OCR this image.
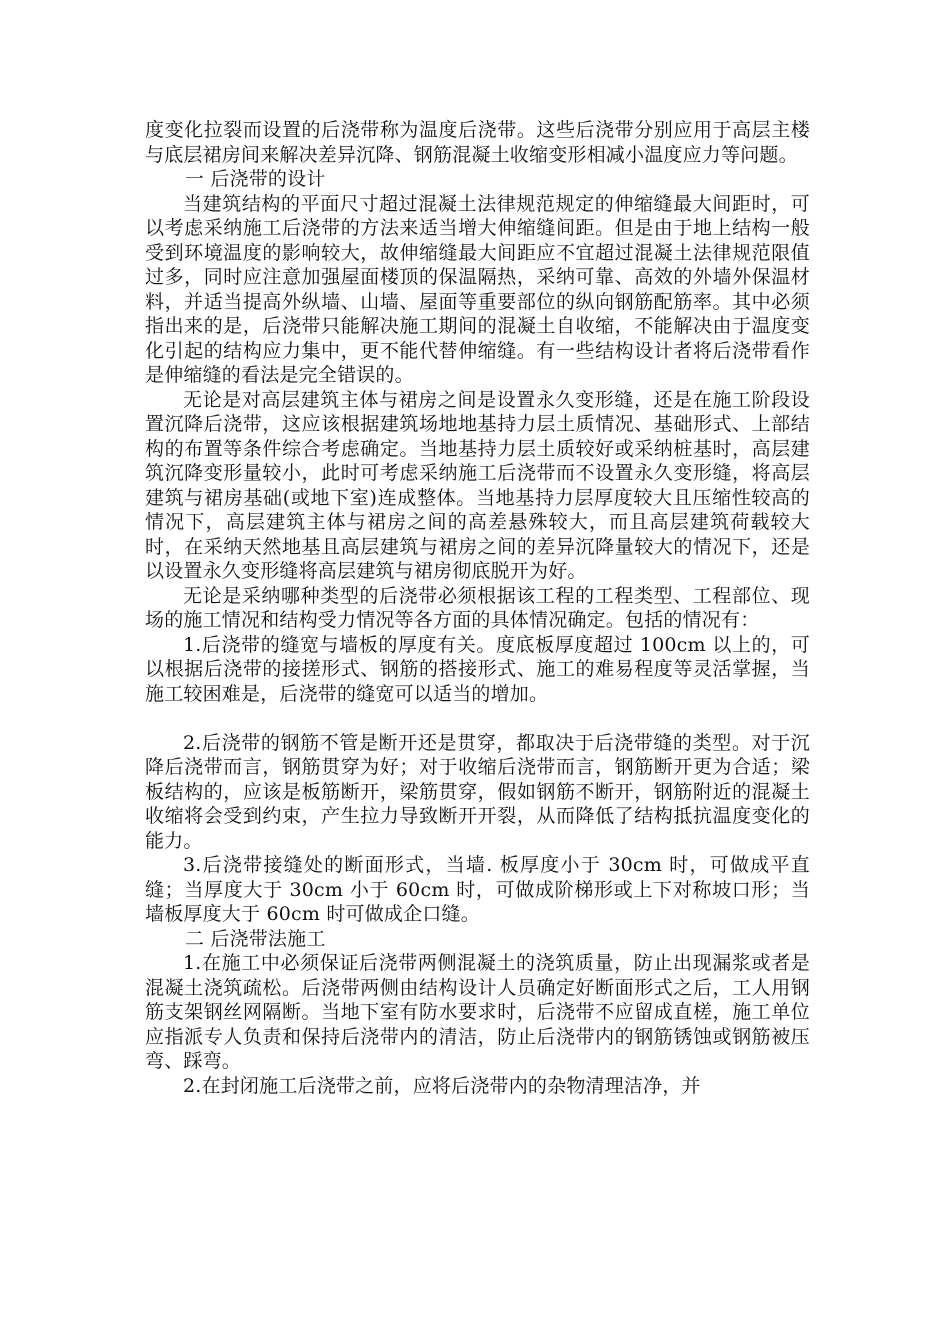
度变化拉裂而设置的后浇带称为温度后浇带。这些后浇带分别应用于高层主楼与底层裙房间来解决差异沉降、钢筋混凝土收缩变形相减小温度应力等问题。

一 后浇带的设计

当建筑结构的平面尺寸超过混凝土法律规范规定的伸缩缝最大间距时，可以考虑采纳施工后浇带的方法来适当增大伸缩缝间距。但是由于地上结构一般受到环境温度的影响较大，故伸缩缝最大间距应不宜超过混凝土法律规范限值过多，同时应注意加强屋面楼顶的保温隔热，采纳可靠、高效的外墙外保温材料，并适当提高外纵墙、山墙、屋面等重要部位的纵向钢筋配筋率。其中必须指出来的是，后浇带只能解决施工期间的混凝土自收缩，不能解决由于温度变化引起的结构应力集中，更不能代替伸缩缝。有一些结构设计者将后浇带看作是伸缩缝的看法是完全错误的。

无论是对高层建筑主体与裙房之间是设置永久变形缝，还是在施工阶段设置沉降后浇带，这应该根据建筑场地地基持力层土质情况、基础形式、上部结构的布置等条件综合考虑确定。当地基持力层土质较好或采纳桩基时，高层建筑沉降变形量较小，此时可考虑采纳施工后浇带而不设置永久变形缝，将高层建筑与裙房基础(或地下室)连成整体。当地基持力层厚度较大且压缩性较高的情况下，高层建筑主体与裙房之间的高差悬殊较大，而且高层建筑荷载较大时，在采纳天然地基且高层建筑与裙房之间的差异沉降量较大的情况下，还是以设置永久变形缝将高层建筑与裙房彻底脱开为好。

无论是采纳哪种类型的后浇带必须根据该工程的工程类型、工程部位、现场的施工情况和结构受力情况等各方面的具体情况确定。包括的情况有：

1.后浇带的缝宽与墙板的厚度有关。度底板厚度超过 100cm 以上的，可以根据后浇带的接搓形式、钢筋的搭接形式、施工的难易程度等灵活掌握，当施工较困难是，后浇带的缝宽可以适当的增加。

2.后浇带的钢筋不管是断开还是贯穿，都取决于后浇带缝的类型。对于沉降后浇带而言，钢筋贯穿为好；对于收缩后浇带而言，钢筋断开更为合适；梁板结构的，应该是板筋断开，梁筋贯穿，假如钢筋不断开，钢筋附近的混凝土收缩将会受到约束，产生拉力导致断开开裂，从而降低了结构抵抗温度变化的能力。

3.后浇带接缝处的断面形式，当墙. 板厚度小于 30cm 时，可做成平直缝；当厚度大于 30cm 小于 60cm 时，可做成阶梯形或上下对称坡口形；当墙板厚度大于 60cm 时可做成企口缝。

二 后浇带法施工

1.在施工中必须保证后浇带两侧混凝土的浇筑质量，防止出现漏浆或者是混凝土浇筑疏松。后浇带两侧由结构设计人员确定好断面形式之后，工人用钢筋支架钢丝网隔断。当地下室有防水要求时，后浇带不应留成直槎，施工单位应指派专人负责和保持后浇带内的清洁，防止后浇带内的钢筋锈蚀或钢筋被压弯、踩弯。

2.在封闭施工后浇带之前，应将后浇带内的杂物清理洁净，并
